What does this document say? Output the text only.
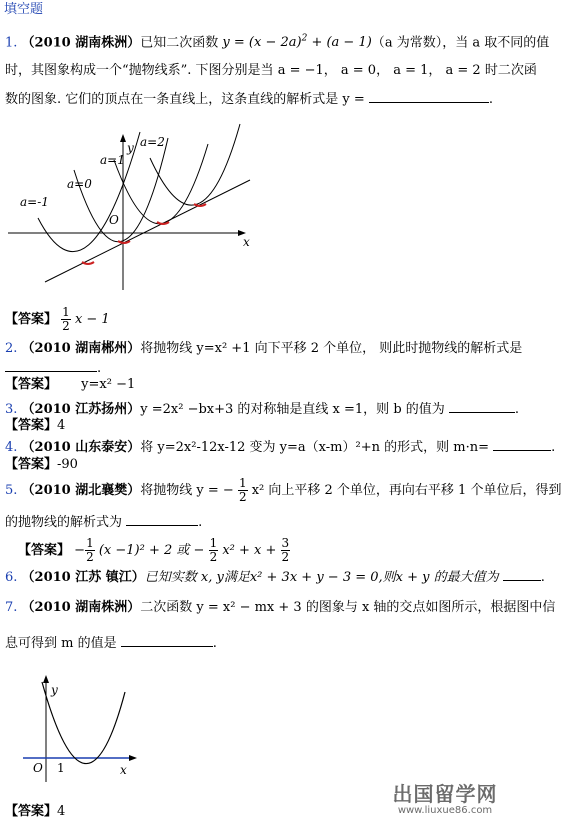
填空题
1. （2010 湖南株洲）已知二次函数 $y = (x - 2a)^2 + (a - 1)(a$ 为常数），当 a 取不同的值
时，其图象构成一个“抛物线系”. 下图分别是当 a = −1， a = 0， a = 1， a = 2 时二次函
数的图象. 它们的顶点在一条直线上，这条直线的解析式是 y =	.
y a=2
a=1
a=0
a=-1
O
x
【答案】 $\frac{1}{2}$ x − 1
2. （2010 湖南郴州）将抛物线 y=x² +1 向下平移 2 个单位， 则此时抛物线的解析式是
.
【答案】 y=x² −1
3. （2010 江苏扬州）y =2x² −bx+3 的对称轴是直线 x =1，则 b 的值为	.
【答案】4
4. （2010 山东泰安）将 y=2x²-12x-12 变为 y=a（x-m）²+n 的形式，则 m·n=	.
【答案】-90
5. （2010 湖北襄樊）将抛物线 y = − $\frac{1}{2} x^2$ 向上平移 2 个单位，再向右平移 1 个单位后，得到
的抛物线的解析式为	.
【答案】 − $\frac{1}{2} (x -1)^2 + 2$ 或 − $\frac{1}{2} x^2 + x + \frac{3}{2}$
6. （2010 江苏 镇江）已知实数 x, y满足x² + 3x + y − 3 = 0,则x + y 的最大值为	.
7. （2010 湖南株洲）二次函数 y = x² − mx + 3 的图象与 x 轴的交点如图所示，根据图中信
息可得到 m 的值是	.
y
O 1	x
【答案】4
出国留学网
www.liuxue86.com
